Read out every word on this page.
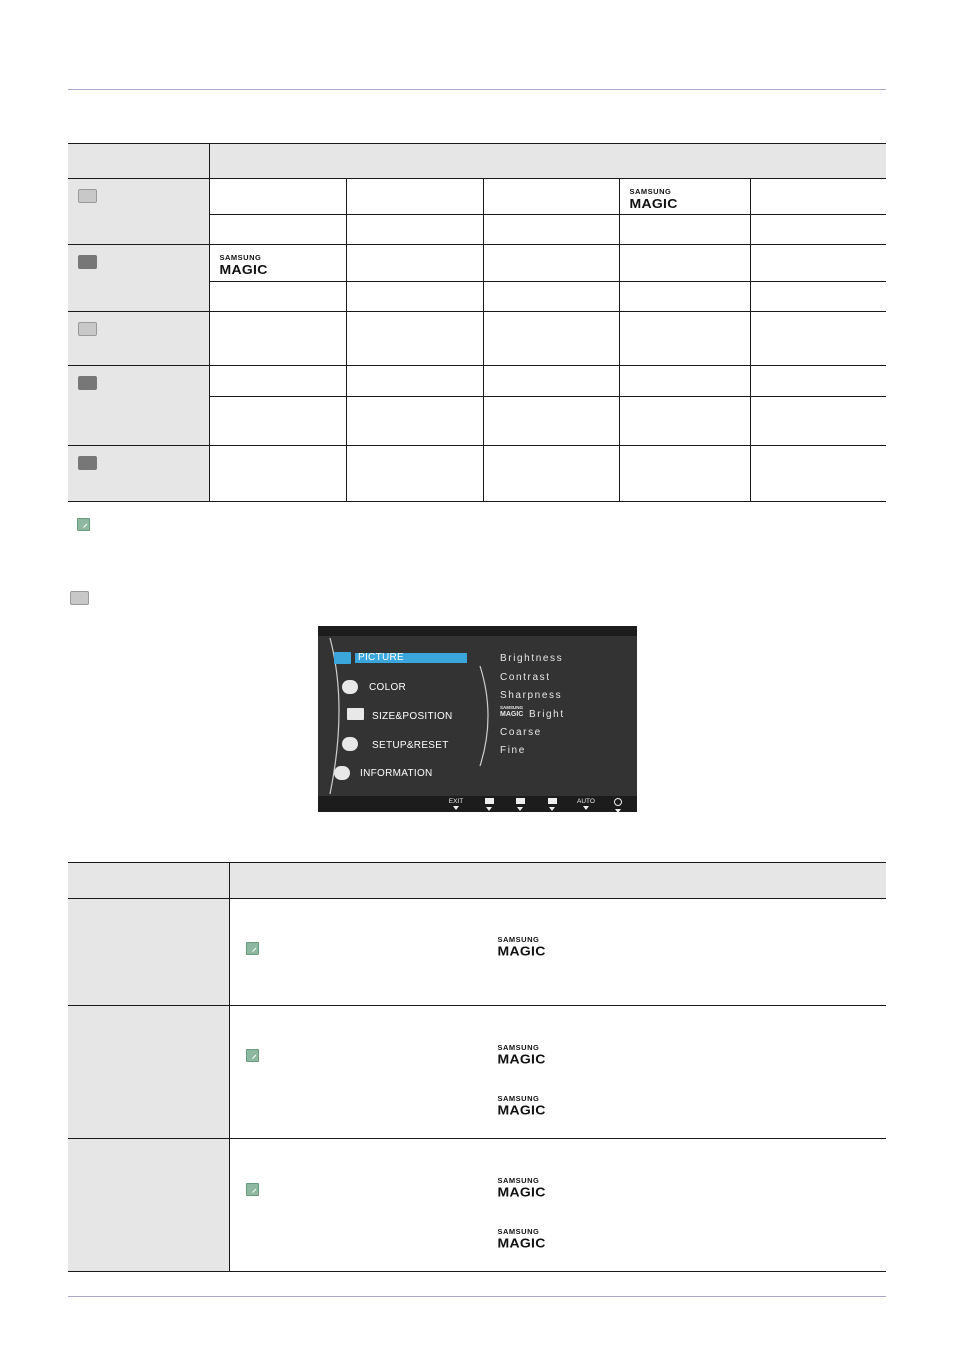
				SAMSUNG
MAGIC	

	SAMSUNG
MAGIC				

PICTURE
COLOR
SIZE&POSITION
SETUP&RESET
INFORMATION
Brightness
Contrast
Sharpness
SAMSUNG
MAGIC Bright
Coarse
Fine
EXIT	AUTO

	SAMSUNG
MAGIC

	SAMSUNG
MAGIC
SAMSUNG
MAGIC

	SAMSUNG
MAGIC
SAMSUNG
MAGIC
